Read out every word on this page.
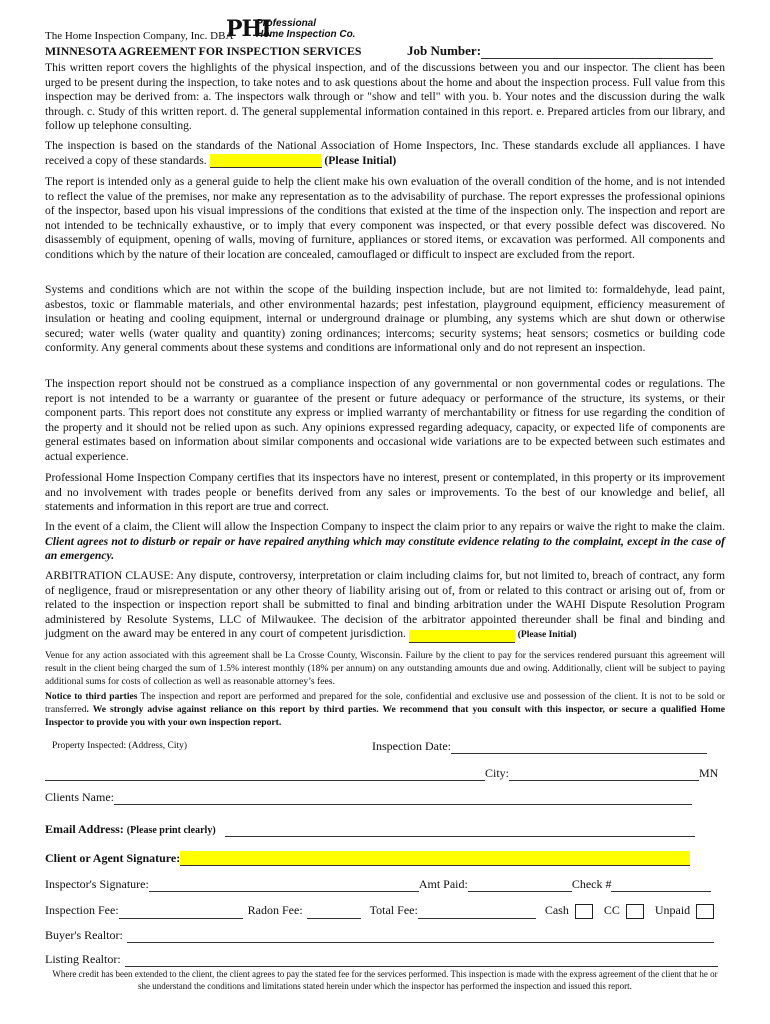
The Home Inspection Company, Inc. DBA
PHI
Professional
Home Inspection Co.
MINNESOTA AGREEMENT FOR INSPECTION SERVICES	Job Number:

This written report covers the highlights of the physical inspection, and of the discussions between you and our inspector. The client has been urged to be present during the inspection, to take notes and to ask questions about the home and about the inspection process. Full value from this inspection may be derived from: a. The inspectors walk through or "show and tell" with you. b. Your notes and the discussion during the walk through. c. Study of this written report. d. The general supplemental information contained in this report. e. Prepared articles from our library, and follow up telephone consulting.

The inspection is based on the standards of the National Association of Home Inspectors, Inc. These standards exclude all appliances. I have received a copy of these standards.	(Please Initial)

The report is intended only as a general guide to help the client make his own evaluation of the overall condition of the home, and is not intended to reflect the value of the premises, nor make any representation as to the advisability of purchase. The report expresses the professional opinions of the inspector, based upon his visual impressions of the conditions that existed at the time of the inspection only. The inspection and report are not intended to be technically exhaustive, or to imply that every component was inspected, or that every possible defect was discovered. No disassembly of equipment, opening of walls, moving of furniture, appliances or stored items, or excavation was performed. All components and conditions which by the nature of their location are concealed, camouflaged or difficult to inspect are excluded from the report.

Systems and conditions which are not within the scope of the building inspection include, but are not limited to: formaldehyde, lead paint, asbestos, toxic or flammable materials, and other environmental hazards; pest infestation, playground equipment, efficiency measurement of insulation or heating and cooling equipment, internal or underground drainage or plumbing, any systems which are shut down or otherwise secured; water wells (water quality and quantity) zoning ordinances; intercoms; security systems; heat sensors; cosmetics or building code conformity. Any general comments about these systems and conditions are informational only and do not represent an inspection.

The inspection report should not be construed as a compliance inspection of any governmental or non governmental codes or regulations. The report is not intended to be a warranty or guarantee of the present or future adequacy or performance of the structure, its systems, or their component parts. This report does not constitute any express or implied warranty of merchantability or fitness for use regarding the condition of the property and it should not be relied upon as such. Any opinions expressed regarding adequacy, capacity, or expected life of components are general estimates based on information about similar components and occasional wide variations are to be expected between such estimates and actual experience.

Professional Home Inspection Company certifies that its inspectors have no interest, present or contemplated, in this property or its improvement and no involvement with trades people or benefits derived from any sales or improvements. To the best of our knowledge and belief, all statements and information in this report are true and correct.

In the event of a claim, the Client will allow the Inspection Company to inspect the claim prior to any repairs or waive the right to make the claim. Client agrees not to disturb or repair or have repaired anything which may constitute evidence relating to the complaint, except in the case of an emergency.

ARBITRATION CLAUSE: Any dispute, controversy, interpretation or claim including claims for, but not limited to, breach of contract, any form of negligence, fraud or misrepresentation or any other theory of liability arising out of, from or related to this contract or arising out of, from or related to the inspection or inspection report shall be submitted to final and binding arbitration under the WAHI Dispute Resolution Program administered by Resolute Systems, LLC of Milwaukee. The decision of the arbitrator appointed thereunder shall be final and binding and judgment on the award may be entered in any court of competent jurisdiction.	(Please Initial)

Venue for any action associated with this agreement shall be La Crosse County, Wisconsin. Failure by the client to pay for the services rendered pursuant this agreement will result in the client being charged the sum of 1.5% interest monthly (18% per annum) on any outstanding amounts due and owing. Additionally, client will be subject to paying additional sums for costs of collection as well as reasonable attorney’s fees.

Notice to third parties The inspection and report are performed and prepared for the sole, confidential and exclusive use and possession of the client. It is not to be sold or transferred. We strongly advise against reliance on this report by third parties. We recommend that you consult with this inspector, or secure a qualified Home Inspector to provide you with your own inspection report.

Property Inspected: (Address, City)	Inspection Date:
City:	MN
Clients Name:
Email Address: (Please print clearly)
Client or Agent Signature:
Inspector's Signature:	Amt Paid:	Check #
Inspection Fee:	Radon Fee:	Total Fee:	Cash	CC	Unpaid
Buyer's Realtor:
Listing Realtor:

Where credit has been extended to the client, the client agrees to pay the stated fee for the services performed. This inspection is made with the express agreement of the client that he or she understand the conditions and limitations stated herein under which the inspector has performed the inspection and issued this report.
